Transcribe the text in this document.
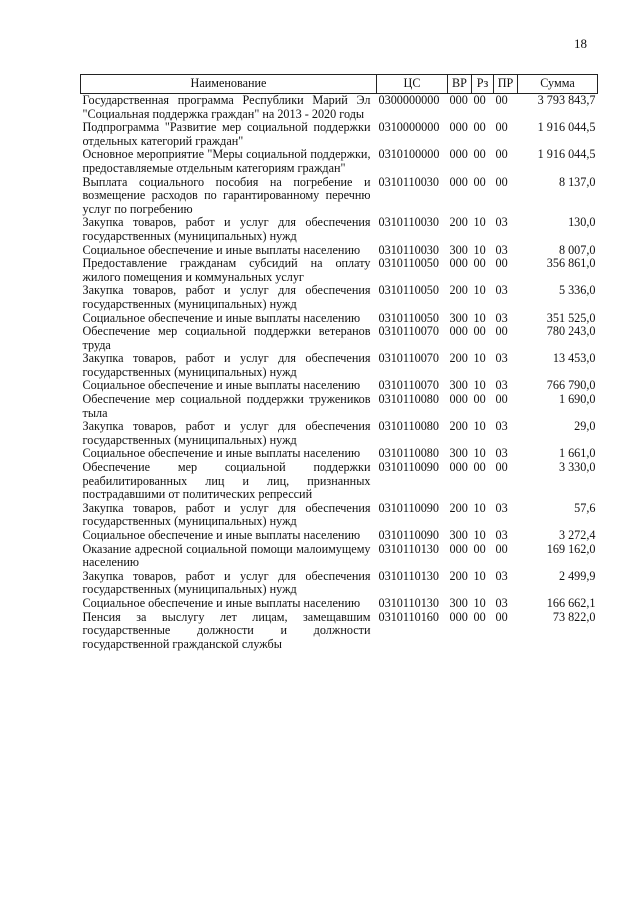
18
Наименование	ЦС	ВР	Рз	ПР	Сумма
Государственная программа Республики Марий Эл "Социальная поддержка граждан" на 2013 - 2020 годы	0300000000	000	00	00	3 793 843,7
Подпрограмма "Развитие мер социальной поддержки отдельных категорий граждан"	0310000000	000	00	00	1 916 044,5
Основное мероприятие "Меры социальной поддержки, предоставляемые отдельным категориям граждан"	0310100000	000	00	00	1 916 044,5
Выплата социального пособия на погребение и возмещение расходов по гарантированному перечню услуг по погребению	0310110030	000	00	00	8 137,0
Закупка товаров, работ и услуг для обеспечения государственных (муниципальных) нужд	0310110030	200	10	03	130,0
Социальное обеспечение и иные выплаты населению	0310110030	300	10	03	8 007,0
Предоставление гражданам субсидий на оплату жилого помещения и коммунальных услуг	0310110050	000	00	00	356 861,0
Закупка товаров, работ и услуг для обеспечения государственных (муниципальных) нужд	0310110050	200	10	03	5 336,0
Социальное обеспечение и иные выплаты населению	0310110050	300	10	03	351 525,0
Обеспечение мер социальной поддержки ветеранов труда	0310110070	000	00	00	780 243,0
Закупка товаров, работ и услуг для обеспечения государственных (муниципальных) нужд	0310110070	200	10	03	13 453,0
Социальное обеспечение и иные выплаты населению	0310110070	300	10	03	766 790,0
Обеспечение мер социальной поддержки тружеников тыла	0310110080	000	00	00	1 690,0
Закупка товаров, работ и услуг для обеспечения государственных (муниципальных) нужд	0310110080	200	10	03	29,0
Социальное обеспечение и иные выплаты населению	0310110080	300	10	03	1 661,0
Обеспечение мер социальной поддержки реабилитированных лиц и лиц, признанных пострадавшими от политических репрессий	0310110090	000	00	00	3 330,0
Закупка товаров, работ и услуг для обеспечения государственных (муниципальных) нужд	0310110090	200	10	03	57,6
Социальное обеспечение и иные выплаты населению	0310110090	300	10	03	3 272,4
Оказание адресной социальной помощи малоимущему населению	0310110130	000	00	00	169 162,0
Закупка товаров, работ и услуг для обеспечения государственных (муниципальных) нужд	0310110130	200	10	03	2 499,9
Социальное обеспечение и иные выплаты населению	0310110130	300	10	03	166 662,1
Пенсия за выслугу лет лицам, замещавшим государственные должности и должности государственной гражданской службы	0310110160	000	00	00	73 822,0
